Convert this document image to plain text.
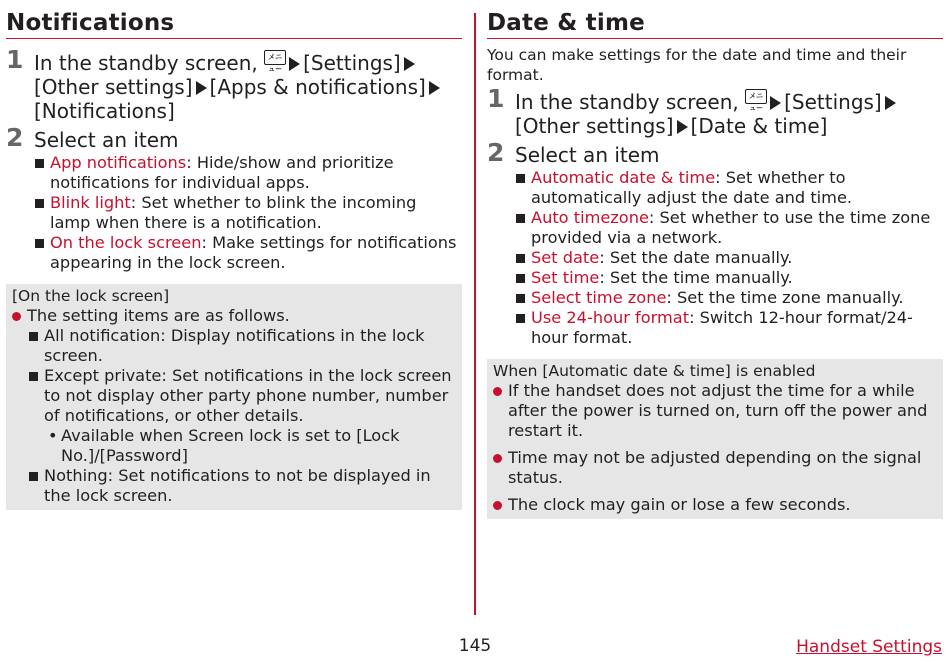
Notifications
1 In the standby screen, メニュー [Settings]
[Other settings] [Apps & notifications]
[Notifications]
2 Select an item
App notifications: Hide/show and prioritize notifications for individual apps.
Blink light: Set whether to blink the incoming lamp when there is a notification.
On the lock screen: Make settings for notifications appearing in the lock screen.
[On the lock screen]
The setting items are as follows.
All notification: Display notifications in the lock screen.
Except private: Set notifications in the lock screen to not display other party phone number, number of notifications, or other details.
• Available when Screen lock is set to [Lock No.]/[Password]
Nothing: Set notifications to not be displayed in the lock screen.
Date & time
You can make settings for the date and time and their format.
1 In the standby screen, メニュー [Settings]
[Other settings] [Date & time]
2 Select an item
Automatic date & time: Set whether to automatically adjust the date and time.
Auto timezone: Set whether to use the time zone provided via a network.
Set date: Set the date manually.
Set time: Set the time manually.
Select time zone: Set the time zone manually.
Use 24-hour format: Switch 12-hour format/24-hour format.
When [Automatic date & time] is enabled
If the handset does not adjust the time for a while after the power is turned on, turn off the power and restart it.
Time may not be adjusted depending on the signal status.
The clock may gain or lose a few seconds.
145	Handset Settings
